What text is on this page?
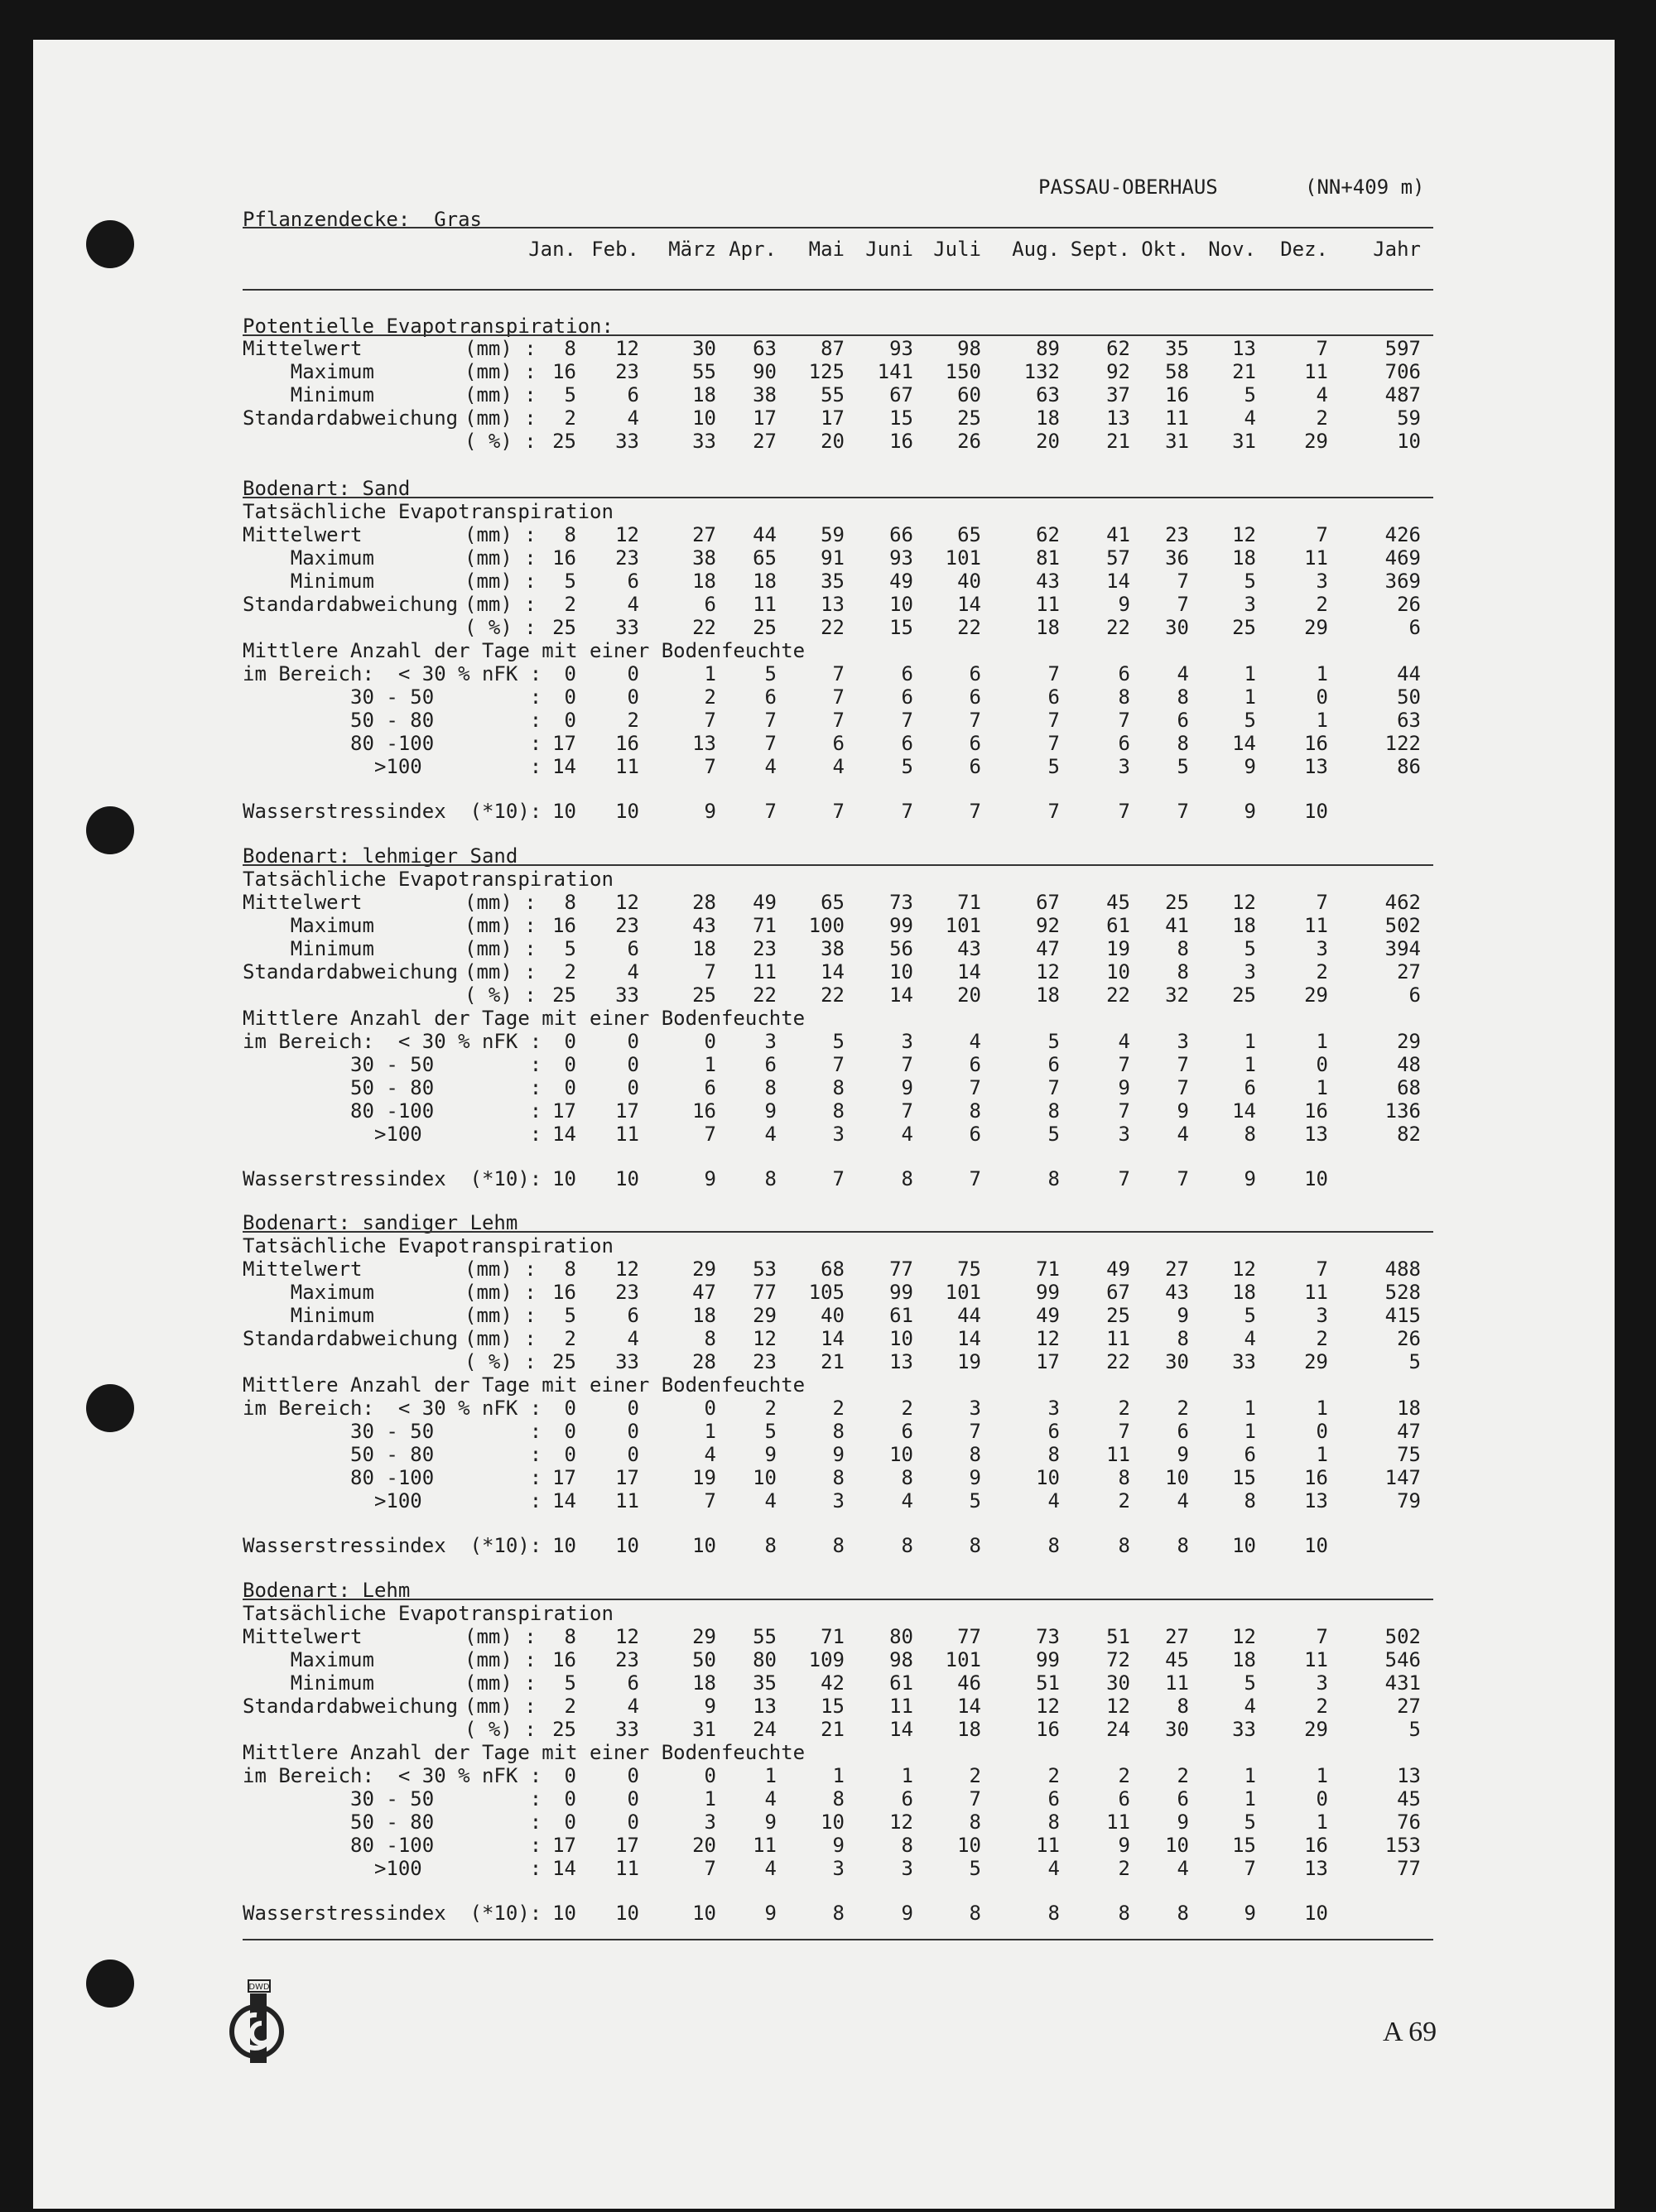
PASSAU-OBERHAUS	(NN+409 m)
Pflanzendecke:  Gras
Jan. Feb.	März Apr.	Mai	Juni	Juli	Aug. Sept. Okt. Nov.	Dez.	Jahr
Potentielle Evapotranspiration:
Mittelwert	(mm) :	8	12	30	63	87	93	98	89	62	35	13	7	597
Maximum	(mm) : 16	23	55	90	125	141	150	132	92	58	21	11	706
Minimum	(mm) :	5	6	18	38	55	67	60	63	37	16	5	4	487
Standardabweichung (mm) :	2	4	10	17	17	15	25	18	13	11	4	2	59
( %) : 25	33	33	27	20	16	26	20	21	31	31	29	10
Bodenart: Sand
Tatsächliche Evapotranspiration
Mittelwert	(mm) :	8	12	27	44	59	66	65	62	41	23	12	7	426
Maximum	(mm) : 16	23	38	65	91	93	101	81	57	36	18	11	469
Minimum	(mm) :	5	6	18	18	35	49	40	43	14	7	5	3	369
Standardabweichung (mm) :	2	4	6	11	13	10	14	11	9	7	3	2	26
( %) : 25	33	22	25	22	15	22	18	22	30	25	29	6
Mittlere Anzahl der Tage mit einer Bodenfeuchte
im Bereich:  < 30 % nFK :	0	0	1	5	7	6	6	7	6	4	1	1	44
30 - 50        :	0	0	2	6	7	6	6	6	8	8	1	0	50
50 - 80        :	0	2	7	7	7	7	7	7	7	6	5	1	63
80 -100        : 17	16	13	7	6	6	6	7	6	8	14	16	122
>100         : 14	11	7	4	4	5	6	5	3	5	9	13	86
Wasserstressindex  (*10): 10	10	9	7	7	7	7	7	7	7	9	10
Bodenart: lehmiger Sand
Tatsächliche Evapotranspiration
Mittelwert	(mm) :	8	12	28	49	65	73	71	67	45	25	12	7	462
Maximum	(mm) : 16	23	43	71	100	99	101	92	61	41	18	11	502
Minimum	(mm) :	5	6	18	23	38	56	43	47	19	8	5	3	394
Standardabweichung (mm) :	2	4	7	11	14	10	14	12	10	8	3	2	27
( %) : 25	33	25	22	22	14	20	18	22	32	25	29	6
Mittlere Anzahl der Tage mit einer Bodenfeuchte
im Bereich:  < 30 % nFK :	0	0	0	3	5	3	4	5	4	3	1	1	29
30 - 50        :	0	0	1	6	7	7	6	6	7	7	1	0	48
50 - 80        :	0	0	6	8	8	9	7	7	9	7	6	1	68
80 -100        : 17	17	16	9	8	7	8	8	7	9	14	16	136
>100         : 14	11	7	4	3	4	6	5	3	4	8	13	82
Wasserstressindex  (*10): 10	10	9	8	7	8	7	8	7	7	9	10
Bodenart: sandiger Lehm
Tatsächliche Evapotranspiration
Mittelwert	(mm) :	8	12	29	53	68	77	75	71	49	27	12	7	488
Maximum	(mm) : 16	23	47	77	105	99	101	99	67	43	18	11	528
Minimum	(mm) :	5	6	18	29	40	61	44	49	25	9	5	3	415
Standardabweichung (mm) :	2	4	8	12	14	10	14	12	11	8	4	2	26
( %) : 25	33	28	23	21	13	19	17	22	30	33	29	5
Mittlere Anzahl der Tage mit einer Bodenfeuchte
im Bereich:  < 30 % nFK :	0	0	0	2	2	2	3	3	2	2	1	1	18
30 - 50        :	0	0	1	5	8	6	7	6	7	6	1	0	47
50 - 80        :	0	0	4	9	9	10	8	8	11	9	6	1	75
80 -100        : 17	17	19	10	8	8	9	10	8	10	15	16	147
>100         : 14	11	7	4	3	4	5	4	2	4	8	13	79
Wasserstressindex  (*10): 10	10	10	8	8	8	8	8	8	8	10	10
Bodenart: Lehm
Tatsächliche Evapotranspiration
Mittelwert	(mm) :	8	12	29	55	71	80	77	73	51	27	12	7	502
Maximum	(mm) : 16	23	50	80	109	98	101	99	72	45	18	11	546
Minimum	(mm) :	5	6	18	35	42	61	46	51	30	11	5	3	431
Standardabweichung (mm) :	2	4	9	13	15	11	14	12	12	8	4	2	27
( %) : 25	33	31	24	21	14	18	16	24	30	33	29	5
Mittlere Anzahl der Tage mit einer Bodenfeuchte
im Bereich:  < 30 % nFK :	0	0	0	1	1	1	2	2	2	2	1	1	13
30 - 50        :	0	0	1	4	8	6	7	6	6	6	1	0	45
50 - 80        :	0	0	3	9	10	12	8	8	11	9	5	1	76
80 -100        : 17	17	20	11	9	8	10	11	9	10	15	16	153
>100         : 14	11	7	4	3	3	5	4	2	4	7	13	77
Wasserstressindex  (*10): 10	10	10	9	8	9	8	8	8	8	9	10
DWD
A 69
